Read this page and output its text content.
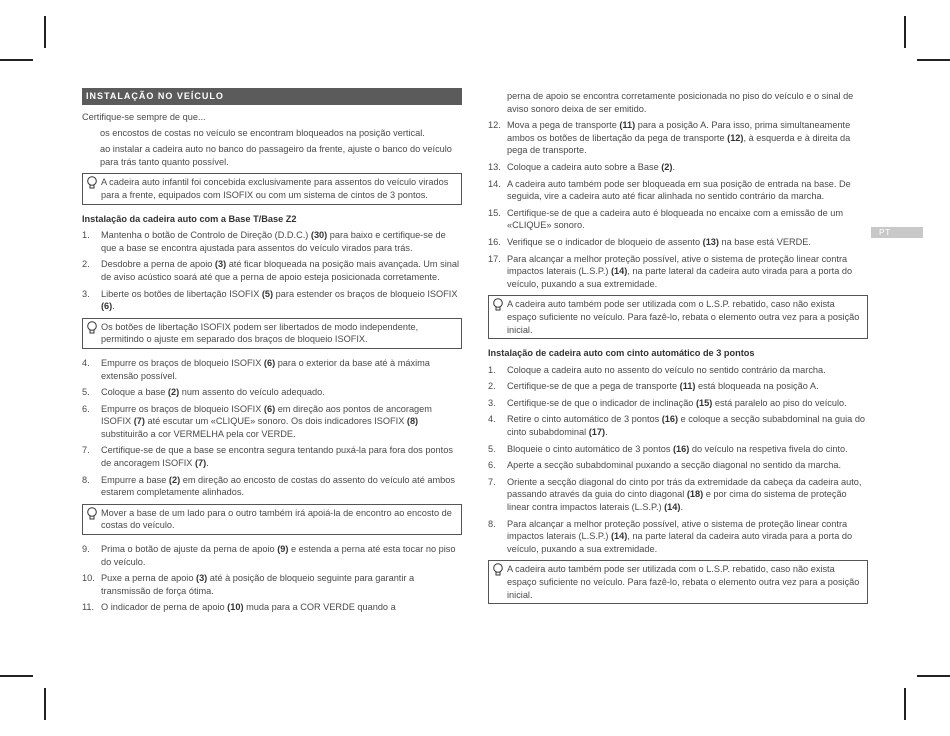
PT
INSTALAÇÃO NO VEÍCULO

Certifique-se sempre de que...

os encostos de costas no veículo se encontram bloqueados na posição vertical.

ao instalar a cadeira auto no banco do passageiro da frente, ajuste o banco do veículo para trás tanto quanto possível.

A cadeira auto infantil foi concebida exclusivamente para assentos do veículo virados para a frente, equipados com ISOFIX ou com um sistema de cintos de 3 pontos.
Instalação da cadeira auto com a Base T/Base Z2
1.	Mantenha o botão de Controlo de Direção (D.D.C.) (30) para baixo e certifique-se de que a base se encontra ajustada para assentos do veículo virados para trás.
2.	Desdobre a perna de apoio (3) até ficar bloqueada na posição mais avançada. Um sinal de aviso acústico soará até que a perna de apoio esteja posicionada corretamente.
3.	Liberte os botões de libertação ISOFIX (5) para estender os braços de bloqueio ISOFIX (6).
Os botões de libertação ISOFIX podem ser libertados de modo independente, permitindo o ajuste em separado dos braços de bloqueio ISOFIX.
4.	Empurre os braços de bloqueio ISOFIX (6) para o exterior da base até à máxima extensão possível.
5.	Coloque a base (2) num assento do veículo adequado.
6.	Empurre os braços de bloqueio ISOFIX (6) em direção aos pontos de ancoragem ISOFIX (7) até escutar um «CLIQUE» sonoro. Os dois indicadores ISOFIX (8) substituirão a cor VERMELHA pela cor VERDE.
7.	Certifique-se de que a base se encontra segura tentando puxá-la para fora dos pontos de ancoragem ISOFIX (7).
8.	Empurre a base (2) em direção ao encosto de costas do assento do veículo até ambos estarem completamente alinhados.
Mover a base de um lado para o outro também irá apoiá-la de encontro ao encosto de costas do veículo.
9.	Prima o botão de ajuste da perna de apoio (9) e estenda a perna até esta tocar no piso do veículo.
10. Puxe a perna de apoio (3) até à posição de bloqueio seguinte para garantir a transmissão de força ótima.
11. O indicador de perna de apoio (10) muda para a COR VERDE quando a

perna de apoio se encontra corretamente posicionada no piso do veículo e o sinal de aviso sonoro deixa de ser emitido.

12. Mova a pega de transporte (11) para a posição A. Para isso, prima simultaneamente ambos os botões de libertação da pega de transporte (12), à esquerda e à direita da pega de transporte.
13. Coloque a cadeira auto sobre a Base (2).
14. A cadeira auto também pode ser bloqueada em sua posição de entrada na base. De seguida, vire a cadeira auto até ficar alinhada no sentido contrário da marcha.
15. Certifique-se de que a cadeira auto é bloqueada no encaixe com a emissão de um «CLIQUE» sonoro.
16. Verifique se o indicador de bloqueio de assento (13) na base está VERDE.
17. Para alcançar a melhor proteção possível, ative o sistema de proteção linear contra impactos laterais (L.S.P.) (14), na parte lateral da cadeira auto virada para a porta do veículo, puxando a sua extremidade.
A cadeira auto também pode ser utilizada com o L.S.P. rebatido, caso não exista espaço suficiente no veículo. Para fazê-lo, rebata o elemento outra vez para a posição inicial.
Instalação de cadeira auto com cinto automático de 3 pontos
1.	Coloque a cadeira auto no assento do veículo no sentido contrário da marcha.
2.	Certifique-se de que a pega de transporte (11) está bloqueada na posição A.
3.	Certifique-se de que o indicador de inclinação (15) está paralelo ao piso do veículo.
4.	Retire o cinto automático de 3 pontos (16) e coloque a secção subabdominal na guia do cinto subabdominal (17).
5.	Bloqueie o cinto automático de 3 pontos (16) do veículo na respetiva fivela do cinto.
6.	Aperte a secção subabdominal puxando a secção diagonal no sentido da marcha.
7.	Oriente a secção diagonal do cinto por trás da extremidade da cabeça da cadeira auto, passando através da guia do cinto diagonal (18) e por cima do sistema de proteção linear contra impactos laterais (L.S.P.) (14).
8.	Para alcançar a melhor proteção possível, ative o sistema de proteção linear contra impactos laterais (L.S.P.) (14), na parte lateral da cadeira auto virada para a porta do veículo, puxando a sua extremidade.
A cadeira auto também pode ser utilizada com o L.S.P. rebatido, caso não exista espaço suficiente no veículo. Para fazê-lo, rebata o elemento outra vez para a posição inicial.
